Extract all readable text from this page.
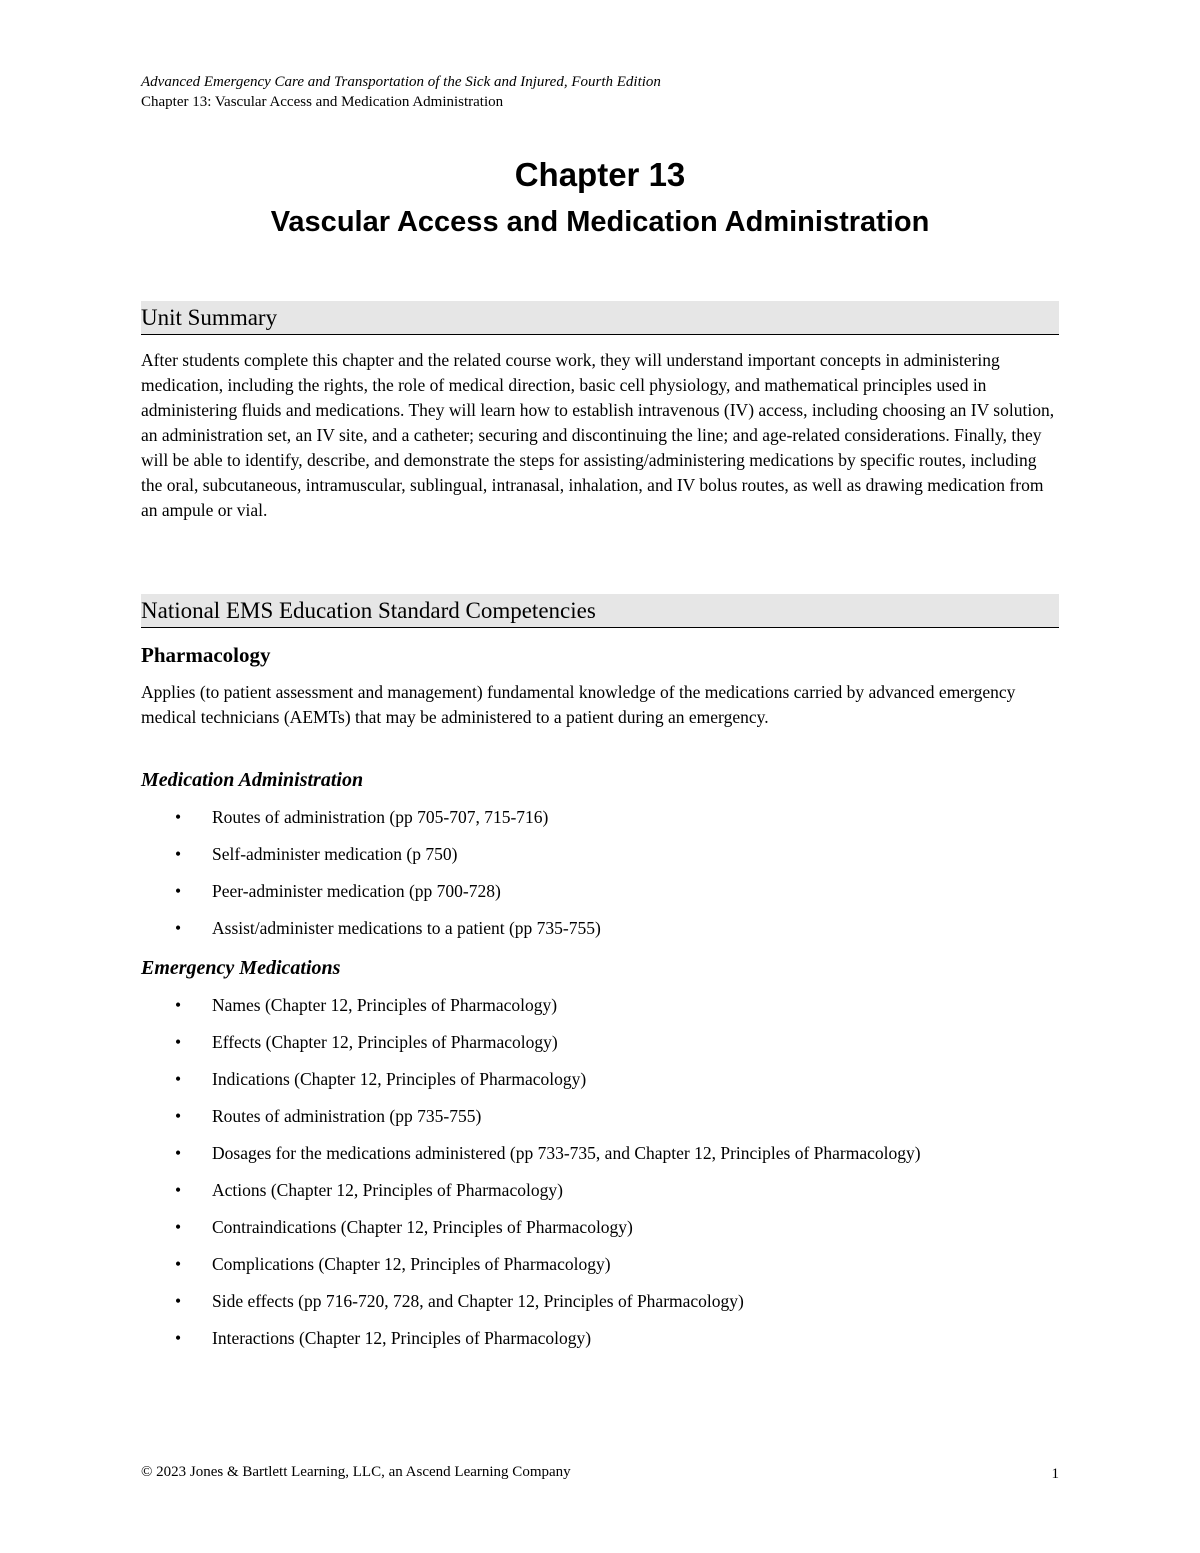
Advanced Emergency Care and Transportation of the Sick and Injured, Fourth Edition
Chapter 13: Vascular Access and Medication Administration
Chapter 13
Vascular Access and Medication Administration
Unit Summary
After students complete this chapter and the related course work, they will understand important concepts in administering medication, including the rights, the role of medical direction, basic cell physiology, and mathematical principles used in administering fluids and medications. They will learn how to establish intravenous (IV) access, including choosing an IV solution, an administration set, an IV site, and a catheter; securing and discontinuing the line; and age-related considerations. Finally, they will be able to identify, describe, and demonstrate the steps for assisting/administering medications by specific routes, including the oral, subcutaneous, intramuscular, sublingual, intranasal, inhalation, and IV bolus routes, as well as drawing medication from an ampule or vial.
National EMS Education Standard Competencies
Pharmacology
Applies (to patient assessment and management) fundamental knowledge of the medications carried by advanced emergency medical technicians (AEMTs) that may be administered to a patient during an emergency.
Medication Administration
• Routes of administration (pp 705-707, 715-716)
• Self-administer medication (p 750)
• Peer-administer medication (pp 700-728)
• Assist/administer medications to a patient (pp 735-755)
Emergency Medications
• Names (Chapter 12, Principles of Pharmacology)
• Effects (Chapter 12, Principles of Pharmacology)
• Indications (Chapter 12, Principles of Pharmacology)
• Routes of administration (pp 735-755)
• Dosages for the medications administered (pp 733-735, and Chapter 12, Principles of Pharmacology)
• Actions (Chapter 12, Principles of Pharmacology)
• Contraindications (Chapter 12, Principles of Pharmacology)
• Complications (Chapter 12, Principles of Pharmacology)
• Side effects (pp 716-720, 728, and Chapter 12, Principles of Pharmacology)
• Interactions (Chapter 12, Principles of Pharmacology)
© 2023 Jones & Bartlett Learning, LLC, an Ascend Learning Company	1
